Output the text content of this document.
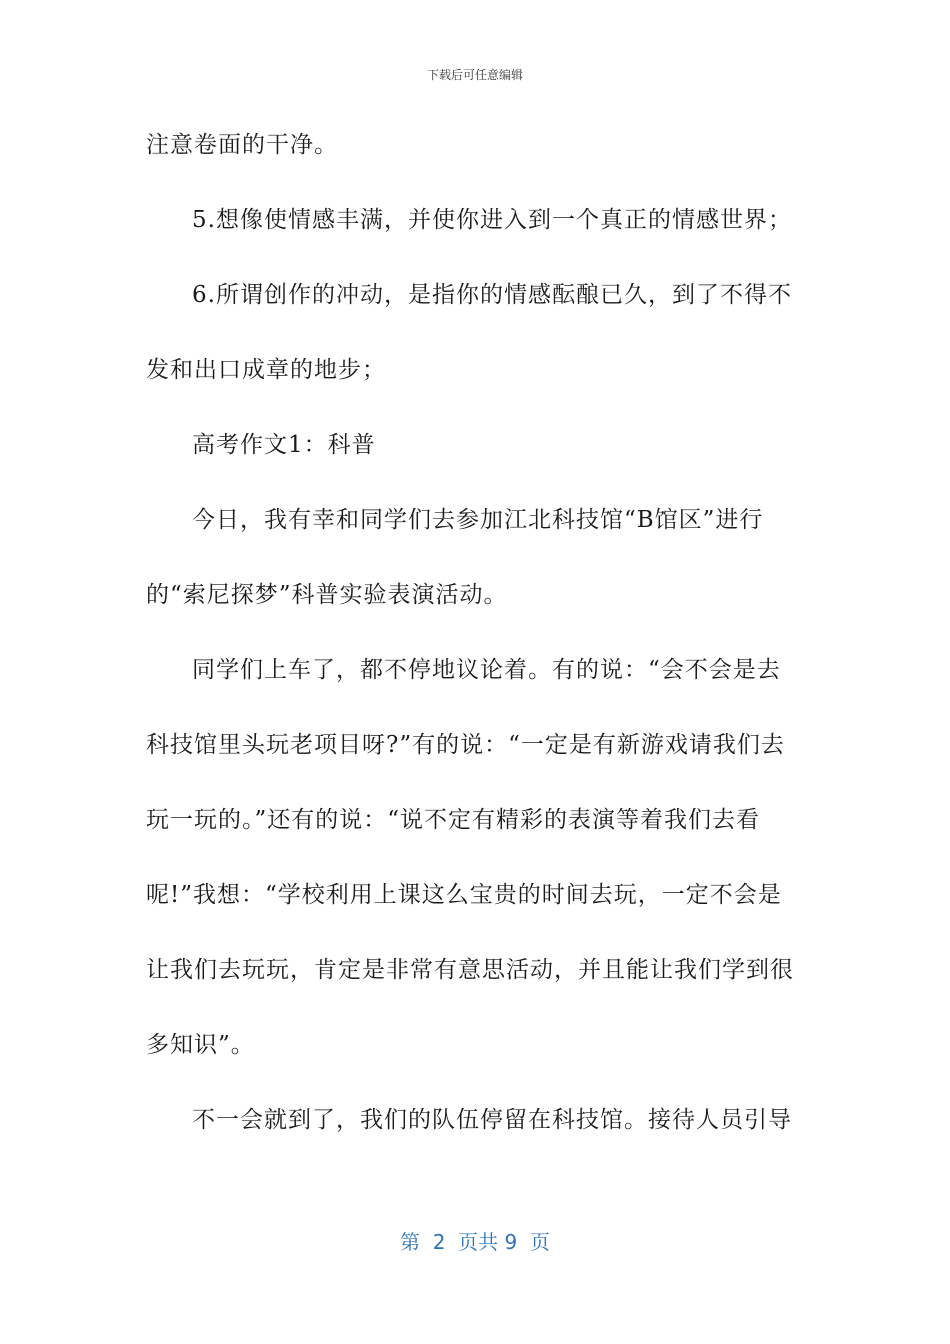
下载后可任意编辑
注意卷面的干净。
5.想像使情感丰满，并使你进入到一个真正的情感世界；
6.所谓创作的冲动，是指你的情感酝酿已久，到了不得不
发和出口成章的地步；
高考作文1：科普
今日，我有幸和同学们去参加江北科技馆“B馆区”进行
的“索尼探梦”科普实验表演活动。
同学们上车了，都不停地议论着。有的说：“会不会是去
科技馆里头玩老项目呀?”有的说：“一定是有新游戏请我们去
玩一玩的。”还有的说：“说不定有精彩的表演等着我们去看
呢!”我想：“学校利用上课这么宝贵的时间去玩，一定不会是
让我们去玩玩，肯定是非常有意思活动，并且能让我们学到很
多知识”。
不一会就到了，我们的队伍停留在科技馆。接待人员引导
第  2  页共 9  页
